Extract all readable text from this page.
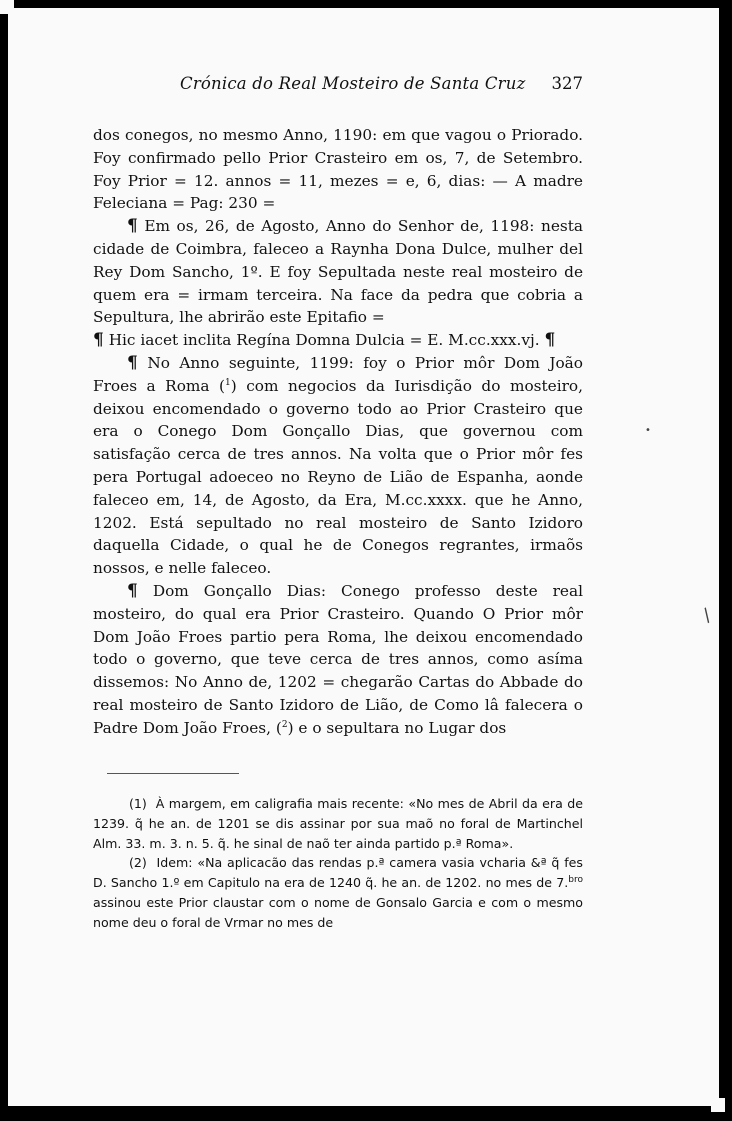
Crónica do Real Mosteiro de Santa Cruz 327

dos conegos, no mesmo Anno, 1190: em que vagou o Priorado. Foy confirmado pello Prior Crasteiro em os, 7, de Setembro. Foy Prior = 12. annos = 11, mezes = e, 6, dias: — A madre Feleciana = Pag: 230 =

¶ Em os, 26, de Agosto, Anno do Senhor de, 1198: nesta cidade de Coimbra, faleceo a Raynha Dona Dulce, mulher del Rey Dom Sancho, 1º. E foy Sepultada neste real mosteiro de quem era = irmam terceira. Na face da pedra que cobria a Sepultura, lhe abrirão este Epitafio =

¶ Hic iacet inclita Regína Domna Dulcia = E. M.cc.xxx.vj. ¶

¶ No Anno seguinte, 1199: foy o Prior môr Dom João Froes a Roma ($^1$) com negocios da Iurisdição do mosteiro, deixou encomendado o governo todo ao Prior Crasteiro que era o Conego Dom Gonçallo Dias, que governou com satisfação cerca de tres annos. Na volta que o Prior môr fes pera Portugal adoeceo no Reyno de Lião de Espanha, aonde faleceo em, 14, de Agosto, da Era, M.cc.xxxx. que he Anno, 1202. Está sepultado no real mosteiro de Santo Izidoro daquella Cidade, o qual he de Conegos regrantes, irmaõs nossos, e nelle faleceo.

¶ Dom Gonçallo Dias: Conego professo deste real mosteiro, do qual era Prior Crasteiro. Quando O Prior môr Dom João Froes partio pera Roma, lhe deixou encomendado todo o governo, que teve cerca de tres annos, como asíma dissemos: No Anno de, 1202 = chegarão Cartas do Abbade do real mosteiro de Santo Izidoro de Lião, de Como lâ falecera o Padre Dom João Froes, ($^2$) e o sepultara no Lugar dos

(1) À margem, em caligrafia mais recente: «No mes de Abril da era de 1239. q̃ he an. de 1201 se dis assinar por sua maõ no foral de Martinchel Alm. 33. m. 3. n. 5. q̃. he sinal de naõ ter ainda partido p.ª Roma».

(2) Idem: «Na aplicacão das rendas p.ª camera vasia vcharia &ª q̃ fes D. Sancho 1.º em Capitulo na era de 1240 q̃. he an. de 1202. no mes de 7.$^{bro}$ assinou este Prior claustar com o nome de Gonsalo Garcia e com o mesmo nome deu o foral de Vrmar no mes de

/
•
